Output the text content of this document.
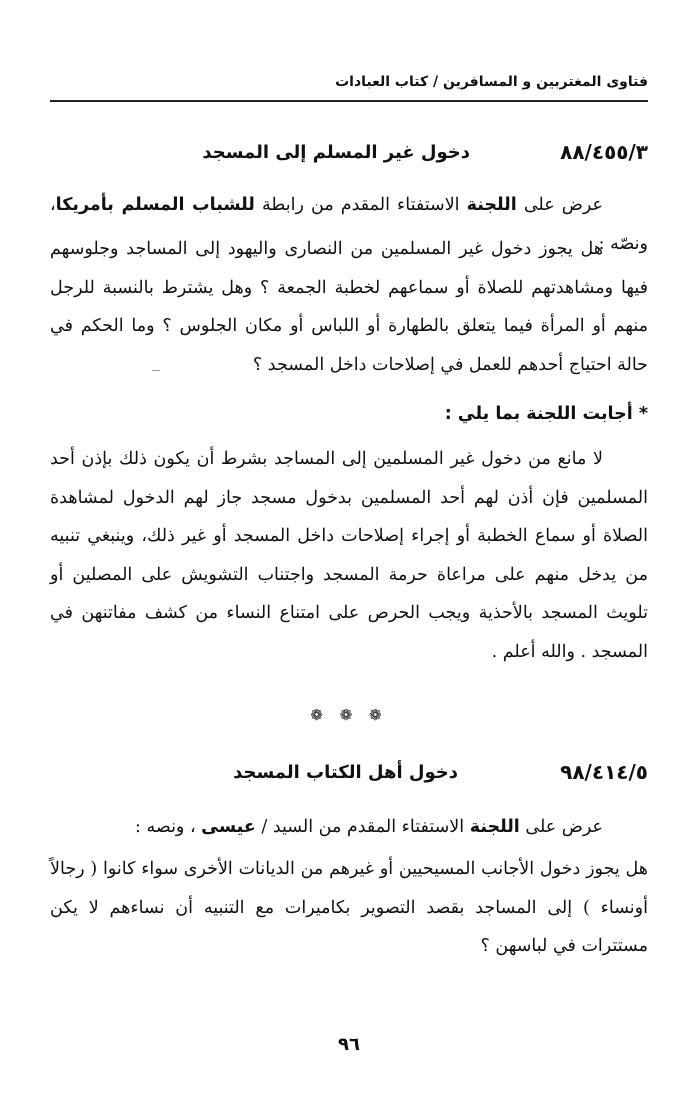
فتاوى المغتربين و المسافرين / كتاب العبادات
٨٨/٤٥٥/٣
دخول غير المسلم إلى المسجد
عرض على اللجنة الاستفتاء المقدم من رابطة للشباب المسلم بأمريكا، ونصّه :
هل يجوز دخول غير المسلمين من النصارى واليهود إلى المساجد وجلوسهم فيها ومشاهدتهم للصلاة أو سماعهم لخطبة الجمعة ؟ وهل يشترط بالنسبة للرجل منهم أو المرأة فيما يتعلق بالطهارة أو اللباس أو مكان الجلوس ؟ وما الحكم في حالة احتياج أحدهم للعمل في إصلاحات داخل المسجد ؟
* أجابت اللجنة بما يلي :
لا مانع من دخول غير المسلمين إلى المساجد بشرط أن يكون ذلك بإذن أحد المسلمين فإن أذن لهم أحد المسلمين بدخول مسجد جاز لهم الدخول لمشاهدة الصلاة أو سماع الخطبة أو إجراء إصلاحات داخل المسجد أو غير ذلك، وينبغي تنبيه من يدخل منهم على مراعاة حرمة المسجد واجتناب التشويش على المصلين أو تلويث المسجد بالأحذية ويجب الحرص على امتناع النساء من كشف مفاتنهن في المسجد . والله أعلم .
❁ ❁ ❁
٩٨/٤١٤/٥
دخول أهل الكتاب المسجد
عرض على اللجنة الاستفتاء المقدم من السيد / عيسى ، ونصه :
هل يجوز دخول الأجانب المسيحيين أو غيرهم من الديانات الأخرى سواء كانوا ( رجالاً أونساء ) إلى المساجد بقصد التصوير بكاميرات مع التنبيه أن نساءهم لا يكن مستترات في لباسهن ؟
٩٦
